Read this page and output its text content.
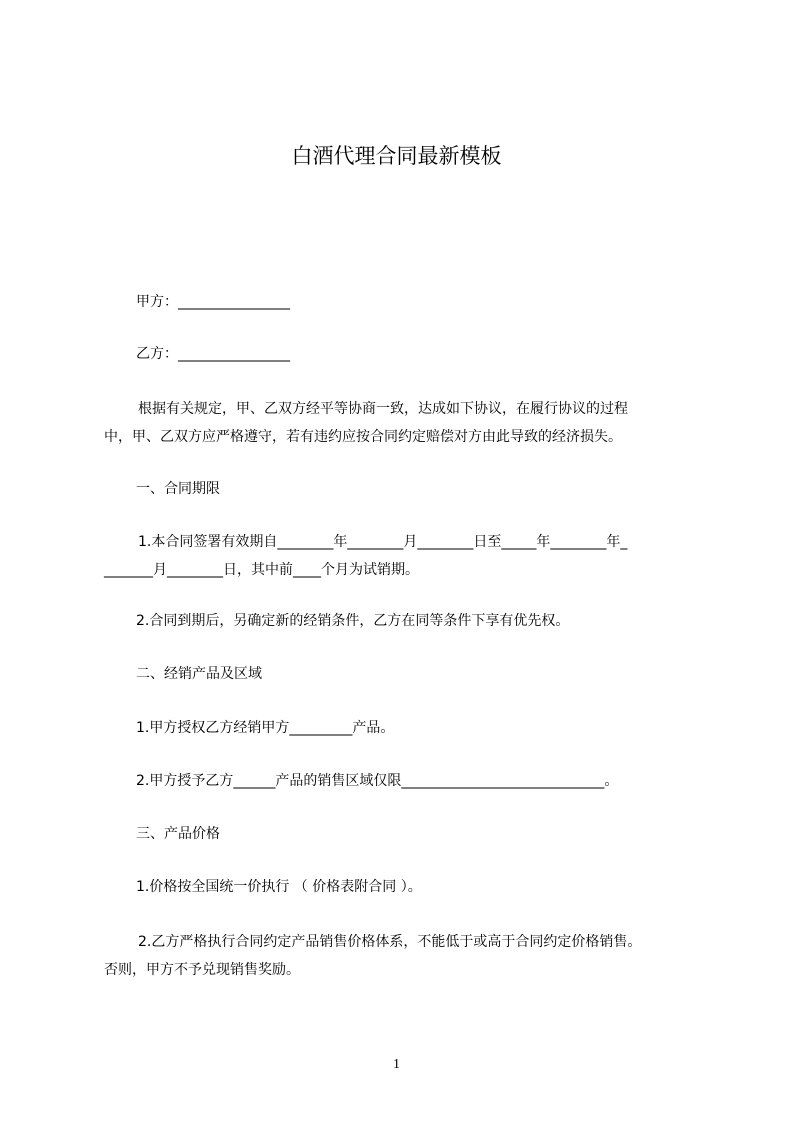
白酒代理合同最新模板

甲方：________________

乙方：________________

根据有关规定，甲、乙双方经平等协商一致，达成如下协议，在履行协议的过程
中，甲、乙双方应严格遵守，若有违约应按合同约定赔偿对方由此导致的经济损失。

一、合同期限

1.本合同签署有效期自________年________月________日至_____年________年_
_______月________日，其中前____个月为试销期。

2.合同到期后，另确定新的经销条件，乙方在同等条件下享有优先权。

二、经销产品及区域

1.甲方授权乙方经销甲方_________产品。

2.甲方授予乙方______产品的销售区域仅限_____________________________。

三、产品价格

1.价格按全国统一价执行 （ 价格表附合同 ）。

2.乙方严格执行合同约定产品销售价格体系，不能低于或高于合同约定价格销售。
否则，甲方不予兑现销售奖励。
1
